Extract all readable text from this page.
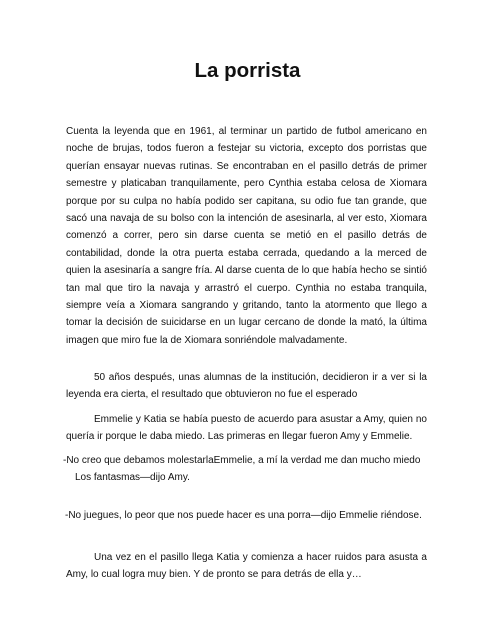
La porrista

Cuenta la leyenda que en 1961, al terminar un partido de futbol americano en noche de brujas, todos fueron a festejar su victoria, excepto dos porristas que querían ensayar nuevas rutinas. Se encontraban en el pasillo detrás de primer semestre y platicaban tranquilamente, pero Cynthia estaba celosa de Xiomara porque por su culpa no había podido ser capitana, su odio fue tan grande, que sacó una navaja de su bolso con la intención de asesinarla, al ver esto, Xiomara comenzó a correr, pero sin darse cuenta se metió en el pasillo detrás de contabilidad, donde la otra puerta estaba cerrada, quedando a la merced de quien la asesinaría a sangre fría. Al darse cuenta de lo que había hecho se sintió tan mal que tiro la navaja y arrastró el cuerpo. Cynthia no estaba tranquila, siempre veía a Xiomara sangrando y gritando, tanto la atormento que llego a tomar la decisión de suicidarse en un lugar cercano de donde la mató, la última imagen que miro fue la de Xiomara sonriéndole malvadamente.

50 años después, unas alumnas de la institución, decidieron ir a ver si la leyenda era cierta, el resultado que obtuvieron no fue el esperado

Emmelie y Katia se había puesto de acuerdo para asustar a Amy, quien no quería ir porque le daba miedo. Las primeras en llegar fueron Amy y Emmelie.

-No creo que debamos molestarlaEmmelie, a mí la verdad me dan mucho miedo
Los fantasmas—dijo Amy.

-No juegues, lo peor que nos puede hacer es una porra—dijo Emmelie riéndose.

Una vez en el pasillo llega Katia y comienza a hacer ruidos para asusta a Amy, lo cual logra muy bien. Y de pronto se para detrás de ella y…
